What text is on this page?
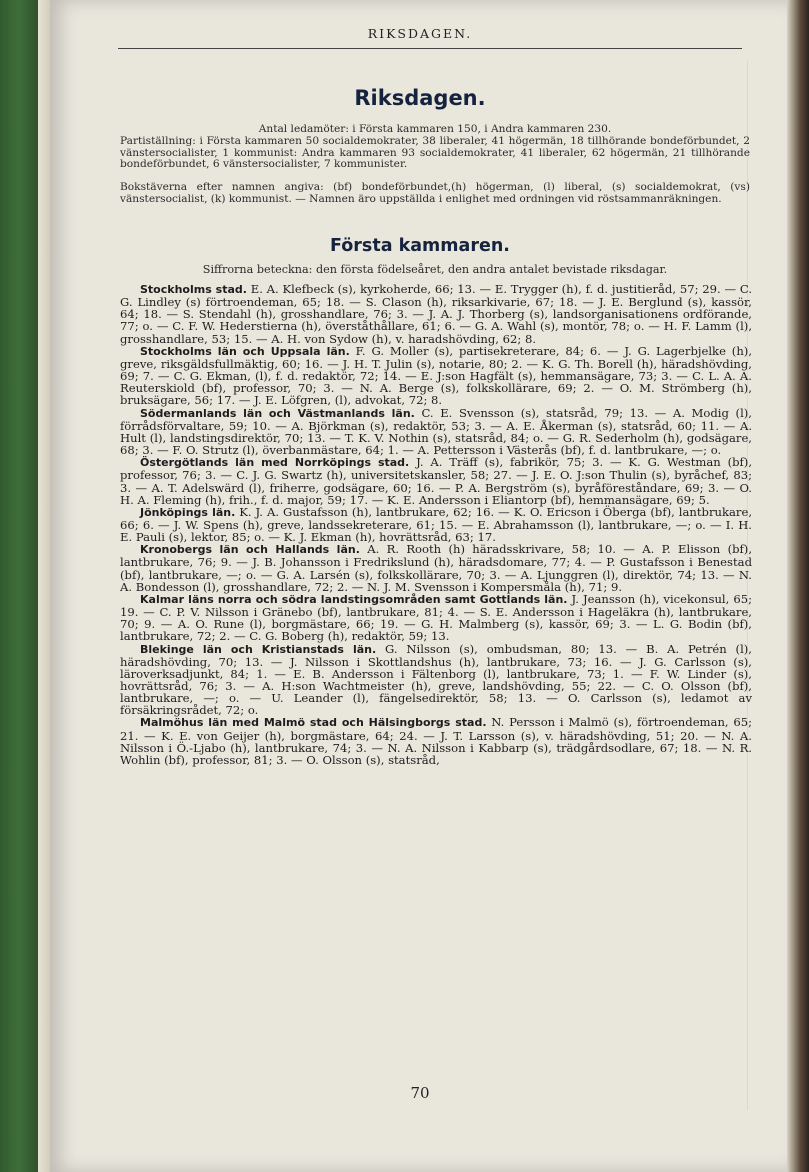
RIKSDAGEN.
Riksdagen.
Antal ledamöter: i Första kammaren 150, i Andra kammaren 230.
Partiställning: i Första kammaren 50 socialdemokrater, 38 liberaler, 41 högermän, 18 tillhörande bondeförbundet, 2 vänstersocialister, 1 kommunist: Andra kammaren 93 socialdemokrater, 41 liberaler, 62 högermän, 21 tillhörande bondeförbundet, 6 vänstersocialister, 7 kommunister.
Bokstäverna efter namnen angiva: (bf) bondeförbundet,(h) högerman, (l) liberal, (s) socialdemokrat, (vs) vänstersocialist, (k) kommunist. — Namnen äro uppställda i enlighet med ordningen vid röstsammanräkningen.
Första kammaren.
Siffrorna beteckna: den första födelseåret, den andra antalet bevistade riksdagar.

Stockholms stad. E. A. Klefbeck (s), kyrkoherde, 66; 13. — E. Trygger (h), f. d. justitieråd, 57; 29. — C. G. Lindley (s) förtroendeman, 65; 18. — S. Clason (h), riksarkivarie, 67; 18. — J. E. Berglund (s), kassör, 64; 18. — S. Stendahl (h), grosshandlare, 76; 3. — J. A. J. Thorberg (s), landsorganisationens ordförande, 77; o. — C. F. W. Hederstierna (h), överståthållare, 61; 6. — G. A. Wahl (s), montör, 78; o. — H. F. Lamm (l), grosshandlare, 53; 15. — A. H. von Sydow (h), v. haradshövding, 62; 8.

Stockholms län och Uppsala län. F. G. Moller (s), partisekreterare, 84; 6. — J. G. Lagerbjelke (h), greve, riksgäldsfullmäktig, 60; 16. — J. H. T. Julin (s), notarie, 80; 2. — K. G. Th. Borell (h), häradshövding, 69; 7. — C. G. Ekman, (l), f. d. redaktör, 72; 14. — E. J:son Hagfält (s), hemmansägare, 73; 3. — C. L. A. A. Reuterskiold (bf), professor, 70; 3. — N. A. Berge (s), folkskollärare, 69; 2. — O. M. Strömberg (h), bruksägare, 56; 17. — J. E. Löfgren, (l), advokat, 72; 8.

Södermanlands län och Västmanlands län. C. E. Svensson (s), statsråd, 79; 13. — A. Modig (l), förrådsförvaltare, 59; 10. — A. Björkman (s), redaktör, 53; 3. — A. E. Åkerman (s), statsråd, 60; 11. — A. Hult (l), landstingsdirektör, 70; 13. — T. K. V. Nothin (s), statsråd, 84; o. — G. R. Sederholm (h), godsägare, 68; 3. — F. O. Strutz (l), överbanmästare, 64; 1. — A. Pettersson i Västerås (bf), f. d. lantbrukare, —; o.

Östergötlands län med Norrköpings stad. J. A. Träff (s), fabrikör, 75; 3. — K. G. Westman (bf), professor, 76; 3. — C. J. G. Swartz (h), universitetskansler, 58; 27. — J. E. O. J:son Thulin (s), byråchef, 83; 3. — A. T. Adelswärd (l), friherre, godsägare, 60; 16. — P. A. Bergström (s), byråföreståndare, 69; 3. — O. H. A. Fleming (h), frih., f. d. major, 59; 17. — K. E. Andersson i Eliantorp (bf), hemmansägare, 69; 5.

Jönköpings län. K. J. A. Gustafsson (h), lantbrukare, 62; 16. — K. O. Ericson i Öberga (bf), lantbrukare, 66; 6. — J. W. Spens (h), greve, landssekreterare, 61; 15. — E. Abrahamsson (l), lantbrukare, —; o. — I. H. E. Pauli (s), lektor, 85; o. — K. J. Ekman (h), hovrättsråd, 63; 17.

Kronobergs län och Hallands län. A. R. Rooth (h) häradsskrivare, 58; 10. — A. P. Elisson (bf), lantbrukare, 76; 9. — J. B. Johansson i Fredrikslund (h), häradsdomare, 77; 4. — P. Gustafsson i Benestad (bf), lantbrukare, —; o. — G. A. Larsén (s), folkskollärare, 70; 3. — A. Ljunggren (l), direktör, 74; 13. — N. A. Bondesson (l), grosshandlare, 72; 2. — N. J. M. Svensson i Kompersmåla (h), 71; 9.

Kalmar läns norra och södra landstingsområden samt Gottlands län. J. Jeansson (h), vicekonsul, 65; 19. — C. P. V. Nilsson i Gränebo (bf), lantbrukare, 81; 4. — S. E. Andersson i Hageläkra (h), lantbrukare, 70; 9. — A. O. Rune (l), borgmästare, 66; 19. — G. H. Malmberg (s), kassör, 69; 3. — L. G. Bodin (bf), lantbrukare, 72; 2. — C. G. Boberg (h), redaktör, 59; 13.

Blekinge län och Kristianstads län. G. Nilsson (s), ombudsman, 80; 13. — B. A. Petrén (l), häradshövding, 70; 13. — J. Nilsson i Skottlandshus (h), lantbrukare, 73; 16. — J. G. Carlsson (s), läroverksadjunkt, 84; 1. — E. B. Andersson i Fältenborg (l), lantbrukare, 73; 1. — F. W. Linder (s), hovrättsråd, 76; 3. — A. H:son Wachtmeister (h), greve, landshövding, 55; 22. — C. O. Olsson (bf), lantbrukare, —; o. — U. Leander (l), fängelsedirektör, 58; 13. — O. Carlsson (s), ledamot av försäkringsrådet, 72; o.

Malmöhus län med Malmö stad och Hälsingborgs stad. N. Persson i Malmö (s), förtroendeman, 65; 21. — K. E. von Geijer (h), borgmästare, 64; 24. — J. T. Larsson (s), v. häradshövding, 51; 20. — N. A. Nilsson i Ö.-Ljabo (h), lantbrukare, 74; 3. — N. A. Nilsson i Kabbarp (s), trädgårdsodlare, 67; 18. — N. R. Wohlin (bf), professor, 81; 3. — O. Olsson (s), statsråd,

70
